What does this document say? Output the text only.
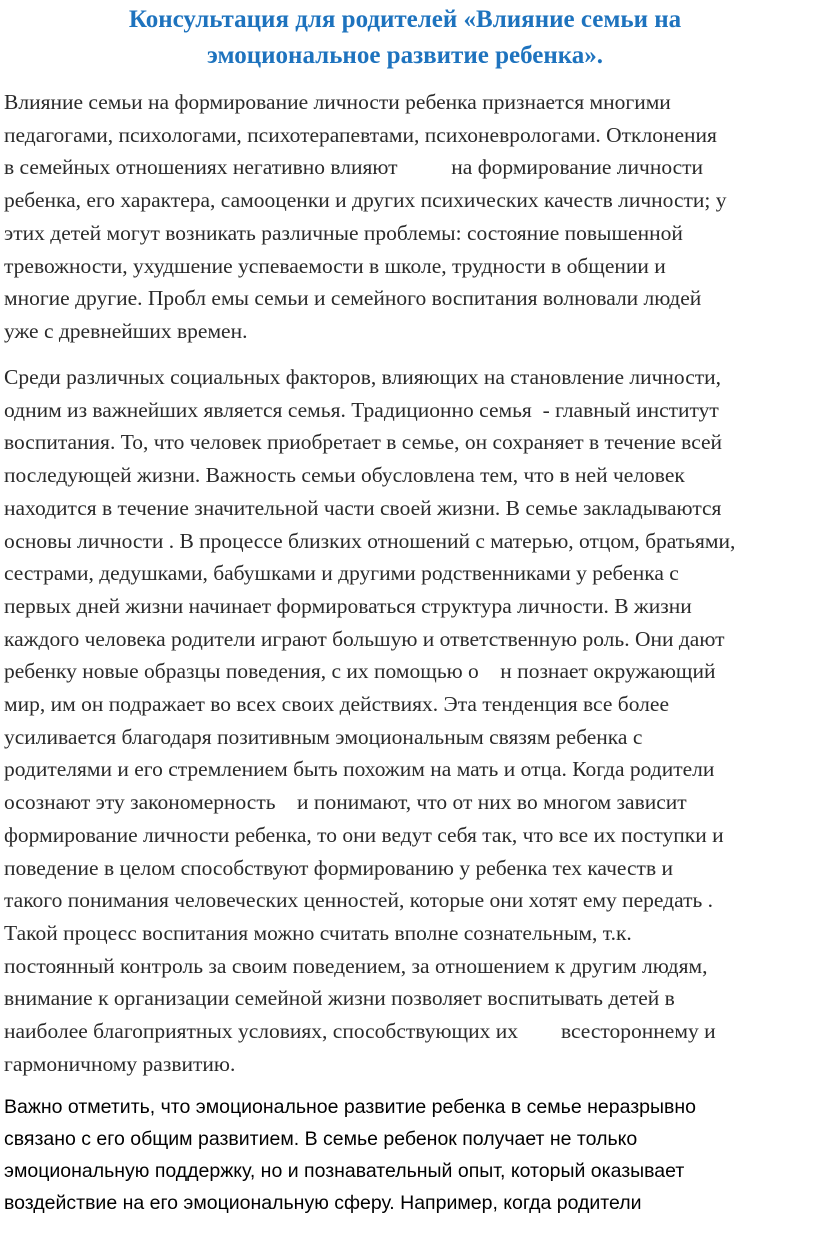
Консультация для родителей «Влияние семьи на
эмоциональное развитие ребенка».

Влияние семьи на формирование личности ребенка признается многими
педагогами, психологами, психотерапевтами, психоневрологами. Отклонения
в семейных отношениях негативно влияют          на формирование личности
ребенка, его характера, самооценки и других психических качеств личности; у
этих детей могут возникать различные проблемы: состояние повышенной
тревожности, ухудшение успеваемости в школе, трудности в общении и
многие другие. Пробл емы семьи и семейного воспитания волновали людей
уже с древнейших времен.

Среди различных социальных факторов, влияющих на становление личности,
одним из важнейших является семья. Традиционно семья  - главный институт
воспитания. То, что человек приобретает в семье, он сохраняет в течение всей
последующей жизни. Важность семьи обусловлена тем, что в ней человек
находится в течение значительной части своей жизни. В семье закладываются
основы личности . В процессе близких отношений с матерью, отцом, братьями,
сестрами, дедушками, бабушками и другими родственниками у ребенка с
первых дней жизни начинает формироваться структура личности. В жизни
каждого человека родители играют большую и ответственную роль. Они дают
ребенку новые образцы поведения, с их помощью о    н познает окружающий
мир, им он подражает во всех своих действиях. Эта тенденция все более
усиливается благодаря позитивным эмоциональным связям ребенка с
родителями и его стремлением быть похожим на мать и отца. Когда родители
осознают эту закономерность    и понимают, что от них во многом зависит
формирование личности ребенка, то они ведут себя так, что все их поступки и
поведение в целом способствуют формированию у ребенка тех качеств и
такого понимания человеческих ценностей, которые они хотят ему передать .
Такой процесс воспитания можно считать вполне сознательным, т.к.
постоянный контроль за своим поведением, за отношением к другим людям,
внимание к организации семейной жизни позволяет воспитывать детей в
наиболее благоприятных условиях, способствующих их        всестороннему и
гармоничному развитию.

Важно отметить, что эмоциональное развитие ребенка в семье неразрывно
связано с его общим развитием. В семье ребенок получает не только
эмоциональную поддержку, но и познавательный опыт, который оказывает
воздействие на его эмоциональную сферу. Например, когда родители
